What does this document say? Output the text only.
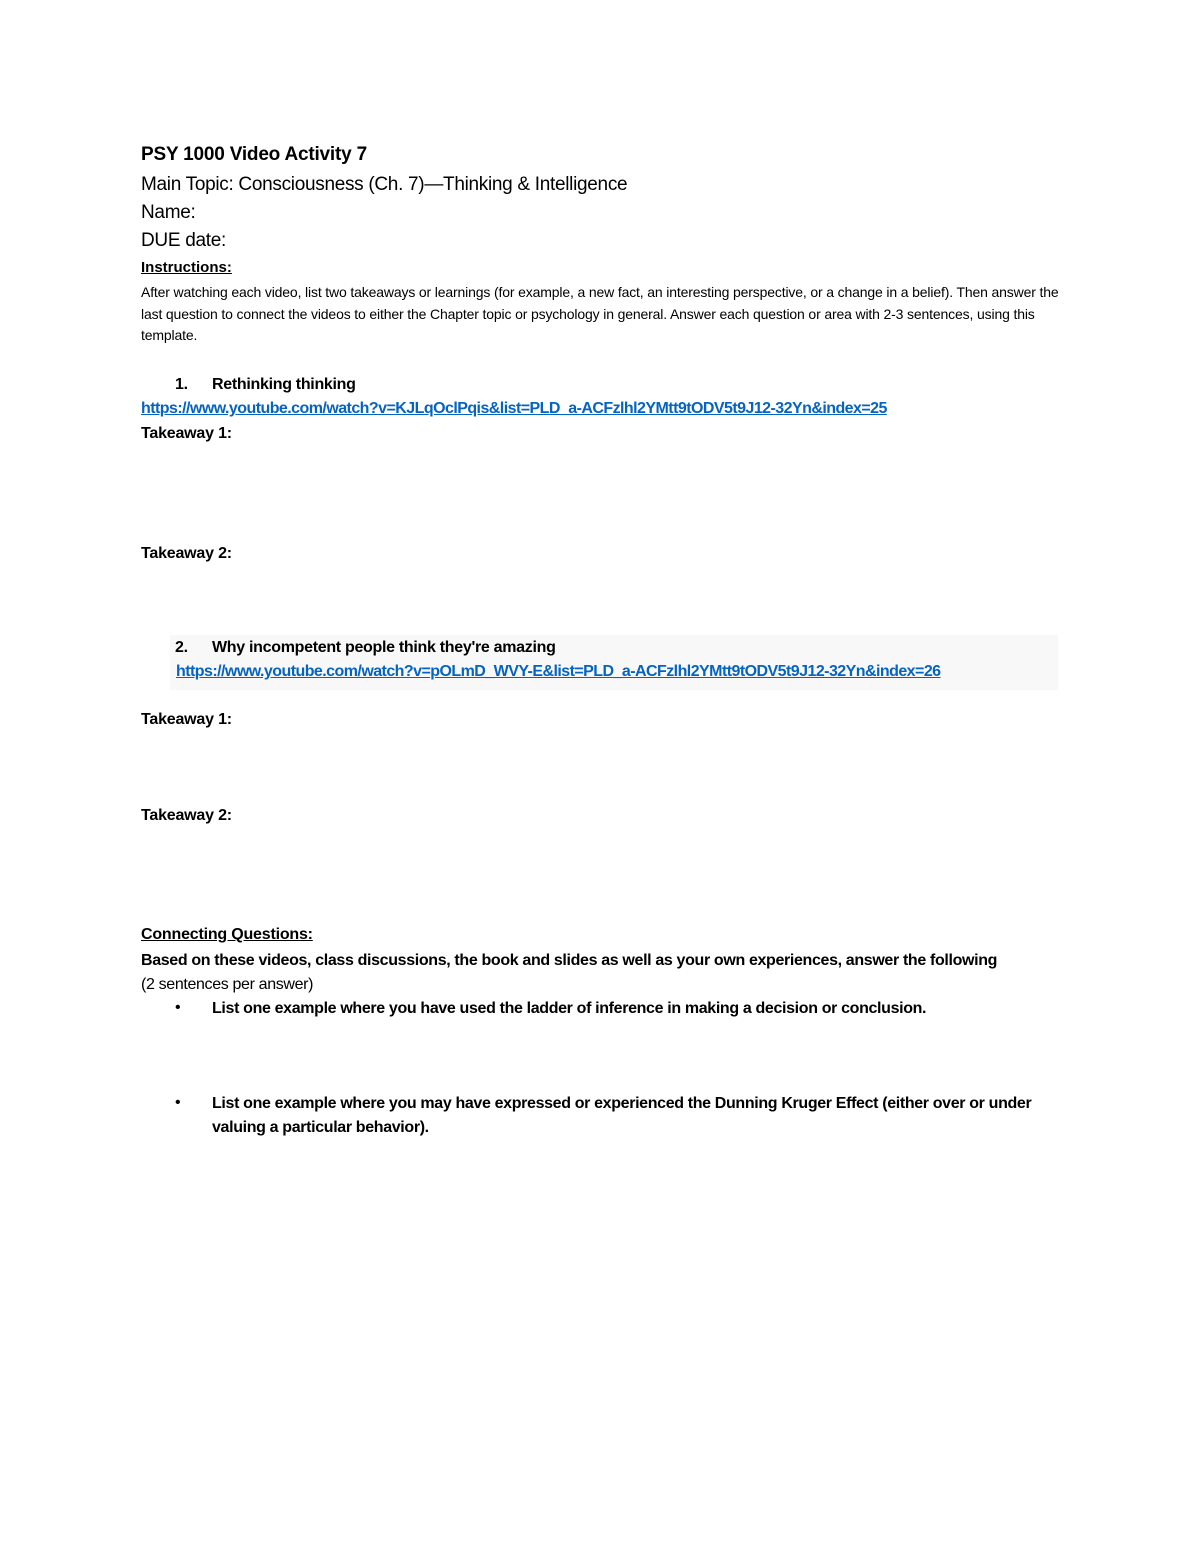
PSY 1000 Video Activity 7
Main Topic: Consciousness (Ch. 7)—Thinking & Intelligence
Name:
DUE date:
Instructions:
After watching each video, list two takeaways or learnings (for example, a new fact, an interesting perspective, or a change in a belief). Then answer the last question to connect the videos to either the Chapter topic or psychology in general. Answer each question or area with 2-3 sentences, using this template.
1. Rethinking thinking
https://www.youtube.com/watch?v=KJLqOclPqis&list=PLD_a-ACFzlhl2YMtt9tODV5t9J12-32Yn&index=25
Takeaway 1:
Takeaway 2:
2. Why incompetent people think they're amazing
https://www.youtube.com/watch?v=pOLmD_WVY-E&list=PLD_a-ACFzlhl2YMtt9tODV5t9J12-32Yn&index=26
Takeaway 1:
Takeaway 2:
Connecting Questions:
Based on these videos, class discussions, the book and slides as well as your own experiences, answer the following
(2 sentences per answer)
• List one example where you have used the ladder of inference in making a decision or conclusion.
• List one example where you may have expressed or experienced the Dunning Kruger Effect (either over or under valuing a particular behavior).
